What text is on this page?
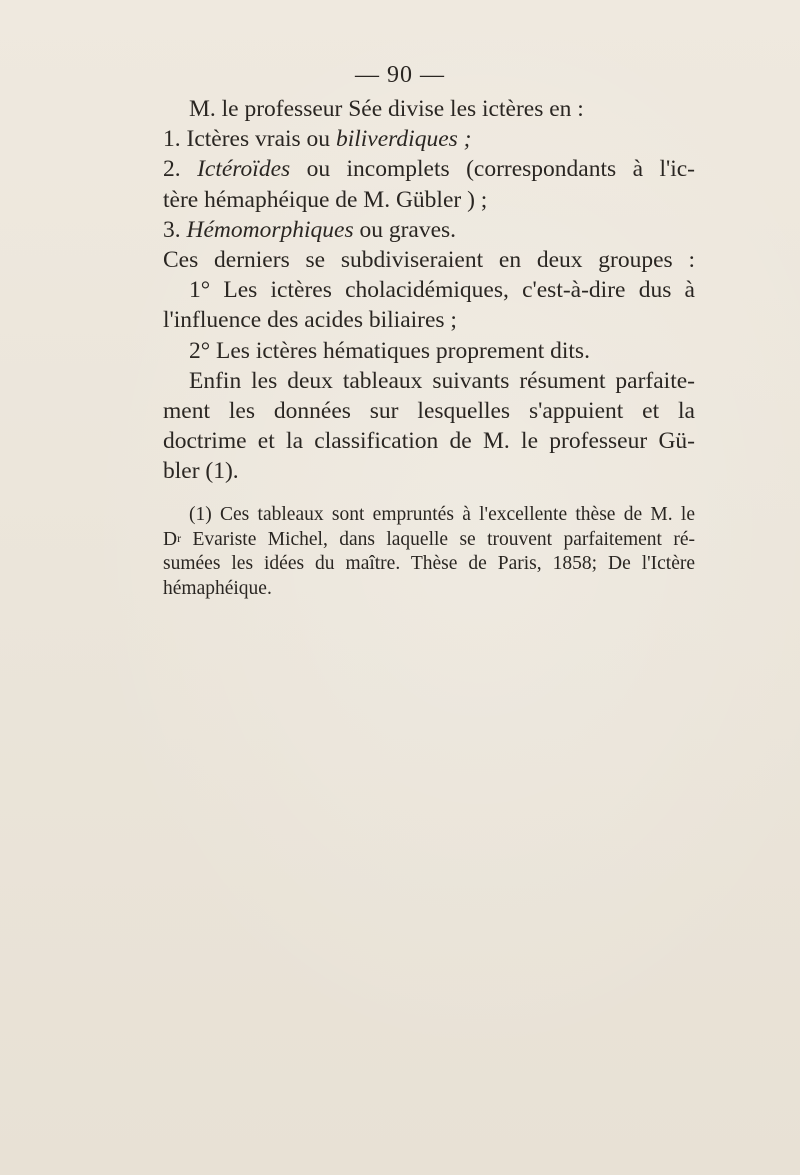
— 90 —
M. le professeur Sée divise les ictères en :
1. Ictères vrais ou biliverdiques ;
2. Ictéroïdes ou incomplets (correspondants à l'ic-
tère hémaphéique de M. Gübler ) ;
3. Hémomorphiques ou graves.
Ces derniers se subdiviseraient en deux groupes :
1° Les ictères cholacidémiques, c'est-à-dire dus à
l'influence des acides biliaires ;
2° Les ictères hématiques proprement dits.
Enfin les deux tableaux suivants résument parfaite-
ment les données sur lesquelles s'appuient et la
doctrime et la classification de M. le professeur Gü-
bler (1).
(1) Ces tableaux sont empruntés à l'excellente thèse de M. le
$D^r$ Evariste Michel, dans laquelle se trouvent parfaitement ré-
sumées les idées du maître. Thèse de Paris, 1858; De l'Ictère
hémaphéique.
